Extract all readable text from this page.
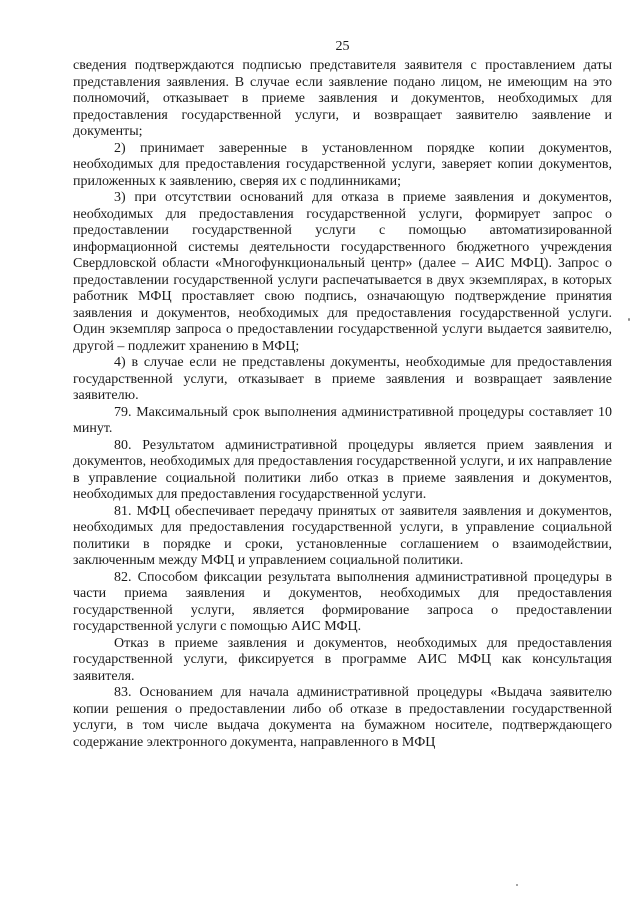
25

сведения подтверждаются подписью представителя заявителя с проставлением даты представления заявления. В случае если заявление подано лицом, не имеющим на это полномочий, отказывает в приеме заявления и документов, необходимых для предоставления государственной услуги, и возвращает заявителю заявление и документы;

2) принимает заверенные в установленном порядке копии документов, необходимых для предоставления государственной услуги, заверяет копии документов, приложенных к заявлению, сверяя их с подлинниками;

3) при отсутствии оснований для отказа в приеме заявления и документов, необходимых для предоставления государственной услуги, формирует запрос о предоставлении государственной услуги с помощью автоматизированной информационной системы деятельности государственного бюджетного учреждения Свердловской области «Многофункциональный центр» (далее – АИС МФЦ). Запрос о предоставлении государственной услуги распечатывается в двух экземплярах, в которых работник МФЦ проставляет свою подпись, означающую подтверждение принятия заявления и документов, необходимых для предоставления государственной услуги. Один экземпляр запроса о предоставлении государственной услуги выдается заявителю, другой – подлежит хранению в МФЦ;

4) в случае если не представлены документы, необходимые для предоставления государственной услуги, отказывает в приеме заявления и возвращает заявление заявителю.

79. Максимальный срок выполнения административной процедуры составляет 10 минут.

80. Результатом административной процедуры является прием заявления и документов, необходимых для предоставления государственной услуги, и их направление в управление социальной политики либо отказ в приеме заявления и документов, необходимых для предоставления государственной услуги.

81. МФЦ обеспечивает передачу принятых от заявителя заявления и документов, необходимых для предоставления государственной услуги, в управление социальной политики в порядке и сроки, установленные соглашением о взаимодействии, заключенным между МФЦ и управлением социальной политики.

82. Способом фиксации результата выполнения административной процедуры в части приема заявления и документов, необходимых для предоставления государственной услуги, является формирование запроса о предоставлении государственной услуги с помощью АИС МФЦ.

Отказ в приеме заявления и документов, необходимых для предоставления государственной услуги, фиксируется в программе АИС МФЦ как консультация заявителя.

83. Основанием для начала административной процедуры «Выдача заявителю копии решения о предоставлении либо об отказе в предоставлении государственной услуги, в том числе выдача документа на бумажном носителе, подтверждающего содержание электронного документа, направленного в МФЦ
